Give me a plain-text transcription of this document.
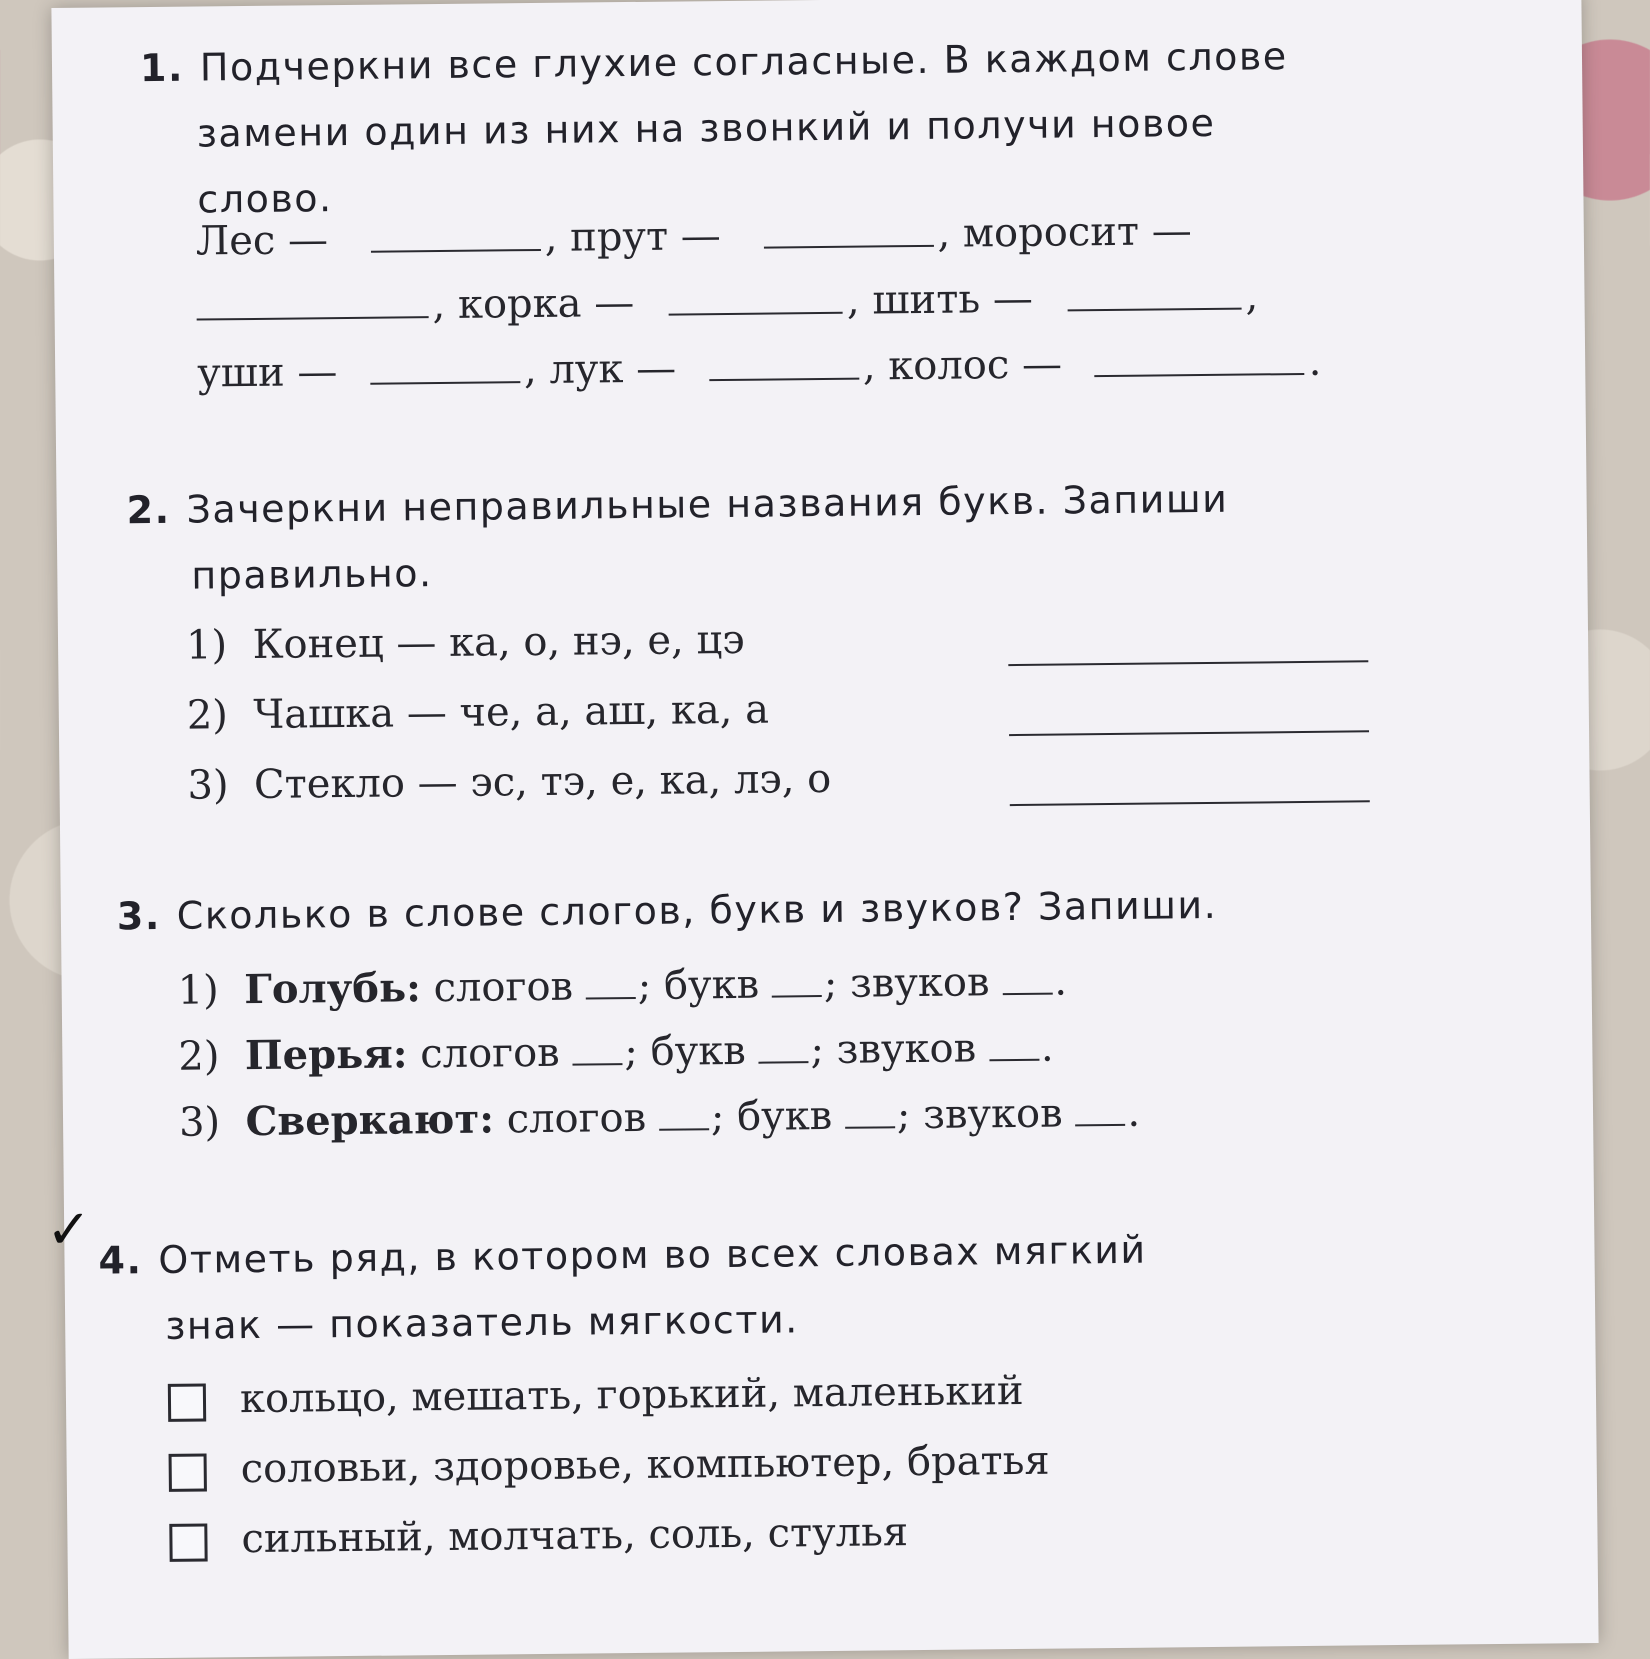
1. Подчеркни все глухие согласные. В каждом слове
замени один из них на звонкий и получи новое
слово.
Лес —	, прут —	, моросит —
, корка —	, шить —	,
уши —	, лук —	, колос —	.
2. Зачеркни неправильные названия букв. Запиши
правильно.
1) Конец — ка, о, нэ, е, цэ
2) Чашка — че, а, аш, ка, а
3) Стекло — эс, тэ, е, ка, лэ, о
3. Сколько в слове слогов, букв и звуков? Запиши.
1) Голубь: слогов ; букв ; звуков .
2) Перья: слогов ; букв ; звуков .
3) Сверкают: слогов ; букв ; звуков .
✓ 4. Отметь ряд, в котором во всех словах мягкий
знак — показатель мягкости.
кольцо, мешать, горький, маленький
соловьи, здоровье, компьютер, братья
сильный, молчать, соль, стулья
